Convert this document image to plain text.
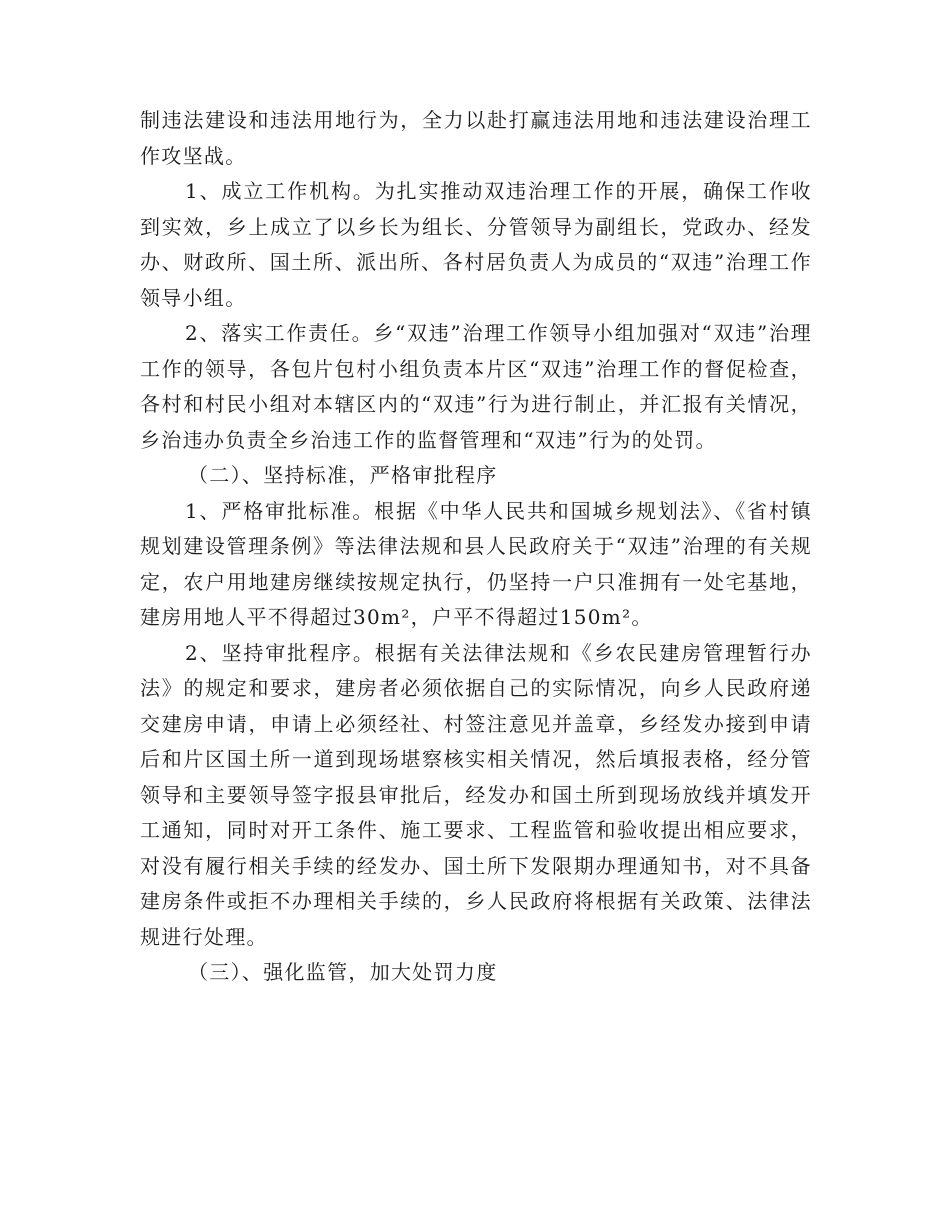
制违法建设和违法用地行为，全力以赴打赢违法用地和违法建设治理工作攻坚战。

1、成立工作机构。为扎实推动双违治理工作的开展，确保工作收到实效，乡上成立了以乡长为组长、分管领导为副组长，党政办、经发办、财政所、国土所、派出所、各村居负责人为成员的“双违”治理工作领导小组。

2、落实工作责任。乡“双违”治理工作领导小组加强对“双违”治理工作的领导，各包片包村小组负责本片区“双违”治理工作的督促检查，各村和村民小组对本辖区内的“双违”行为进行制止，并汇报有关情况，乡治违办负责全乡治违工作的监督管理和“双违”行为的处罚。

（二）、坚持标准，严格审批程序

1、严格审批标准。根据《中华人民共和国城乡规划法》、《省村镇规划建设管理条例》等法律法规和县人民政府关于“双违”治理的有关规定，农户用地建房继续按规定执行，仍坚持一户只准拥有一处宅基地，建房用地人平不得超过30m²，户平不得超过150m²。

2、坚持审批程序。根据有关法律法规和《乡农民建房管理暂行办法》的规定和要求，建房者必须依据自己的实际情况，向乡人民政府递交建房申请，申请上必须经社、村签注意见并盖章，乡经发办接到申请后和片区国土所一道到现场堪察核实相关情况，然后填报表格，经分管领导和主要领导签字报县审批后，经发办和国土所到现场放线并填发开工通知，同时对开工条件、施工要求、工程监管和验收提出相应要求，对没有履行相关手续的经发办、国土所下发限期办理通知书，对不具备建房条件或拒不办理相关手续的，乡人民政府将根据有关政策、法律法规进行处理。

（三）、强化监管，加大处罚力度
